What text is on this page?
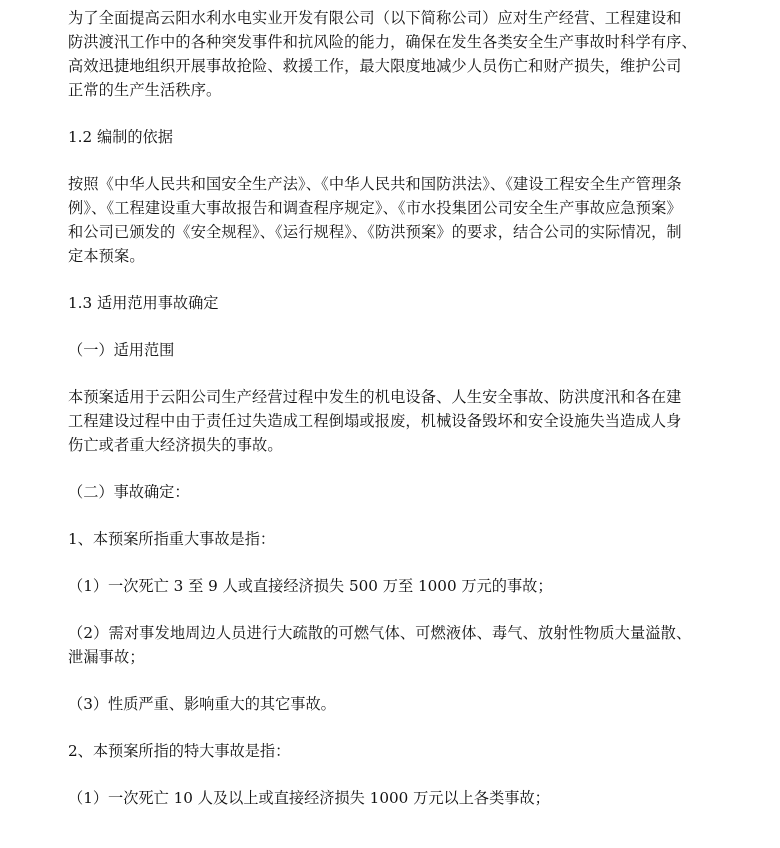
为了全面提高云阳水利水电实业开发有限公司（以下简称公司）应对生产经营、工程建设和
防洪渡汛工作中的各种突发事件和抗风险的能力，确保在发生各类安全生产事故时科学有序、
高效迅捷地组织开展事故抢险、救援工作，最大限度地减少人员伤亡和财产损失，维护公司
正常的生产生活秩序。

1.2 编制的依据

按照《中华人民共和国安全生产法》、《中华人民共和国防洪法》、《建设工程安全生产管理条
例》、《工程建设重大事故报告和调查程序规定》、《市水投集团公司安全生产事故应急预案》
和公司已颁发的《安全规程》、《运行规程》、《防洪预案》的要求，结合公司的实际情况，制
定本预案。

1.3 适用范用事故确定

（一）适用范围

本预案适用于云阳公司生产经营过程中发生的机电设备、人生安全事故、防洪度汛和各在建
工程建设过程中由于责任过失造成工程倒塌或报废，机械设备毁坏和安全设施失当造成人身
伤亡或者重大经济损失的事故。

（二）事故确定：

1、本预案所指重大事故是指：

（1）一次死亡 3 至 9 人或直接经济损失 500 万至 1000 万元的事故；

（2）需对事发地周边人员进行大疏散的可燃气体、可燃液体、毒气、放射性物质大量溢散、
泄漏事故；

（3）性质严重、影响重大的其它事故。

2、本预案所指的特大事故是指：

（1）一次死亡 10 人及以上或直接经济损失 1000 万元以上各类事故；
